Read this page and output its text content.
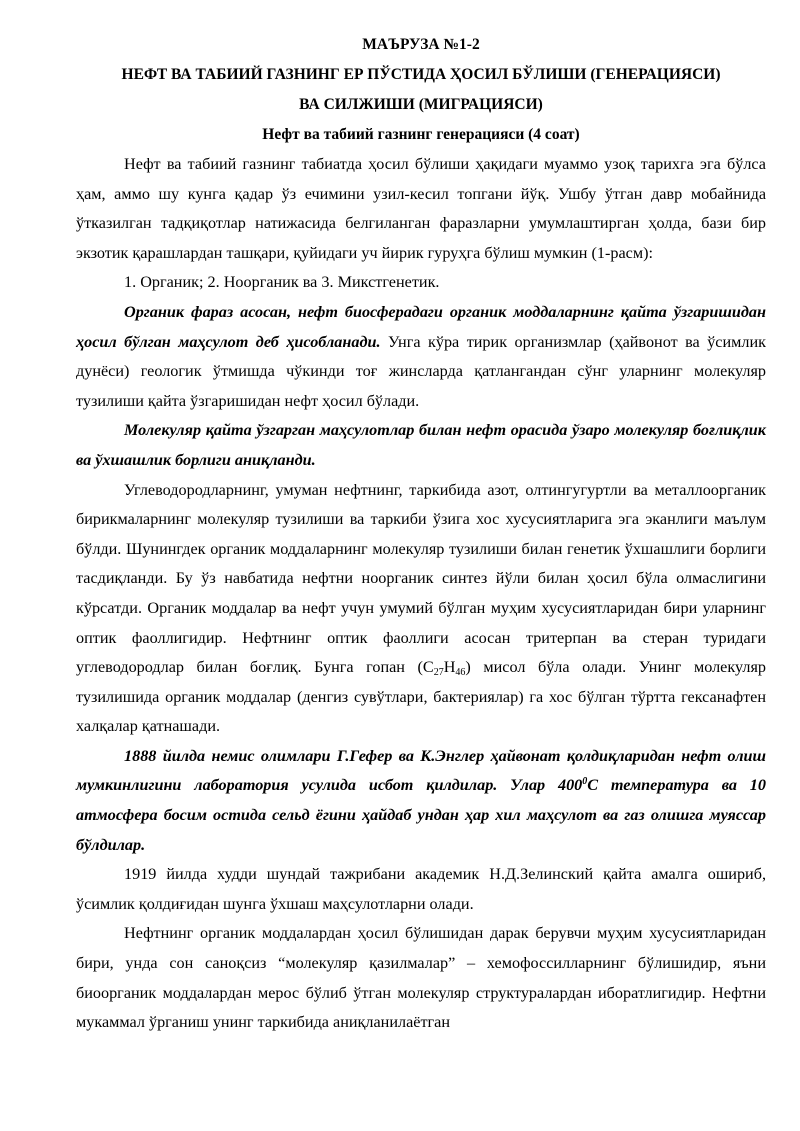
МАЪРУЗА №1-2
НЕФТ ВА ТАБИИЙ ГАЗНИНГ ЕР ПЎСТИДА ҲОСИЛ БЎЛИШИ (ГЕНЕРАЦИЯСИ)
ВА СИЛЖИШИ (МИГРАЦИЯСИ)
Нефт ва табиий газнинг генерацияси (4 соат)

Нефт ва табиий газнинг табиатда ҳосил бўлиши ҳақидаги муаммо узоқ тарихга эга бўлса ҳам, аммо шу кунга қадар ўз ечимини узил-кесил топгани йўқ. Ушбу ўтган давр мобайнида ўтказилган тадқиқотлар натижасида белгиланган фаразларни умумлаштирган ҳолда, бази бир экзотик қарашлардан ташқари, қуйидаги уч йирик гуруҳга бўлиш мумкин (1-расм):

1. Органик; 2. Ноорганик ва 3. Микстгенетик.

Органик фараз асосан, нефт биосферадаги органик моддаларнинг қайта ўзгаришидан ҳосил бўлган маҳсулот деб ҳисобланади. Унга кўра тирик организмлар (ҳайвонот ва ўсимлик дунёси) геологик ўтмишда чўкинди тоғ жинсларда қатлангандан сўнг уларнинг молекуляр тузилиши қайта ўзгаришидан нефт ҳосил бўлади.

Молекуляр қайта ўзгарган маҳсулотлар билан нефт орасида ўзаро молекуляр боғлиқлик ва ўхшашлик борлиги аниқланди.

Углеводородларнинг, умуман нефтнинг, таркибида азот, олтингугуртли ва металлоорганик бирикмаларнинг молекуляр тузилиши ва таркиби ўзига хос хусусиятларига эга эканлиги маълум бўлди. Шунингдек органик моддаларнинг молекуляр тузилиши билан генетик ўхшашлиги борлиги тасдиқланди. Бу ўз навбатида нефтни ноорганик синтез йўли билан ҳосил бўла олмаслигини кўрсатди. Органик моддалар ва нефт учун умумий бўлган муҳим хусусиятларидан бири уларнинг оптик фаоллигидир. Нефтнинг оптик фаоллиги асосан тритерпан ва стеран туридаги углеводородлар билан боғлиқ. Бунга гопан $(С_{27}Н_{46})$ мисол бўла олади. Унинг молекуляр тузилишида органик моддалар (денгиз сувўтлари, бактериялар) га хос бўлган тўртта гексанафтен халқалар қатнашади.

1888 йилда немис олимлари Г.Гефер ва К.Энглер ҳайвонат қолдиқларидан нефт олиш мумкинлигини лаборатория усулида исбот қилдилар. Улар $400^0С$ температура ва 10 атмосфера босим остида сельд ёгини ҳайдаб ундан ҳар хил маҳсулот ва газ олишга муяссар бўлдилар.

1919 йилда худди шундай тажрибани академик Н.Д.Зелинский қайта амалга ошириб, ўсимлик қолдиғидан шунга ўхшаш маҳсулотларни олади.

Нефтнинг органик моддалардан ҳосил бўлишидан дарак берувчи муҳим хусусиятларидан бири, унда сон саноқсиз “молекуляр қазилмалар” – хемофоссилларнинг бўлишидир, яъни биоорганик моддалардан мерос бўлиб ўтган молекуляр структуралардан иборатлигидир. Нефтни мукаммал ўрганиш унинг таркибида аниқланилаётган
